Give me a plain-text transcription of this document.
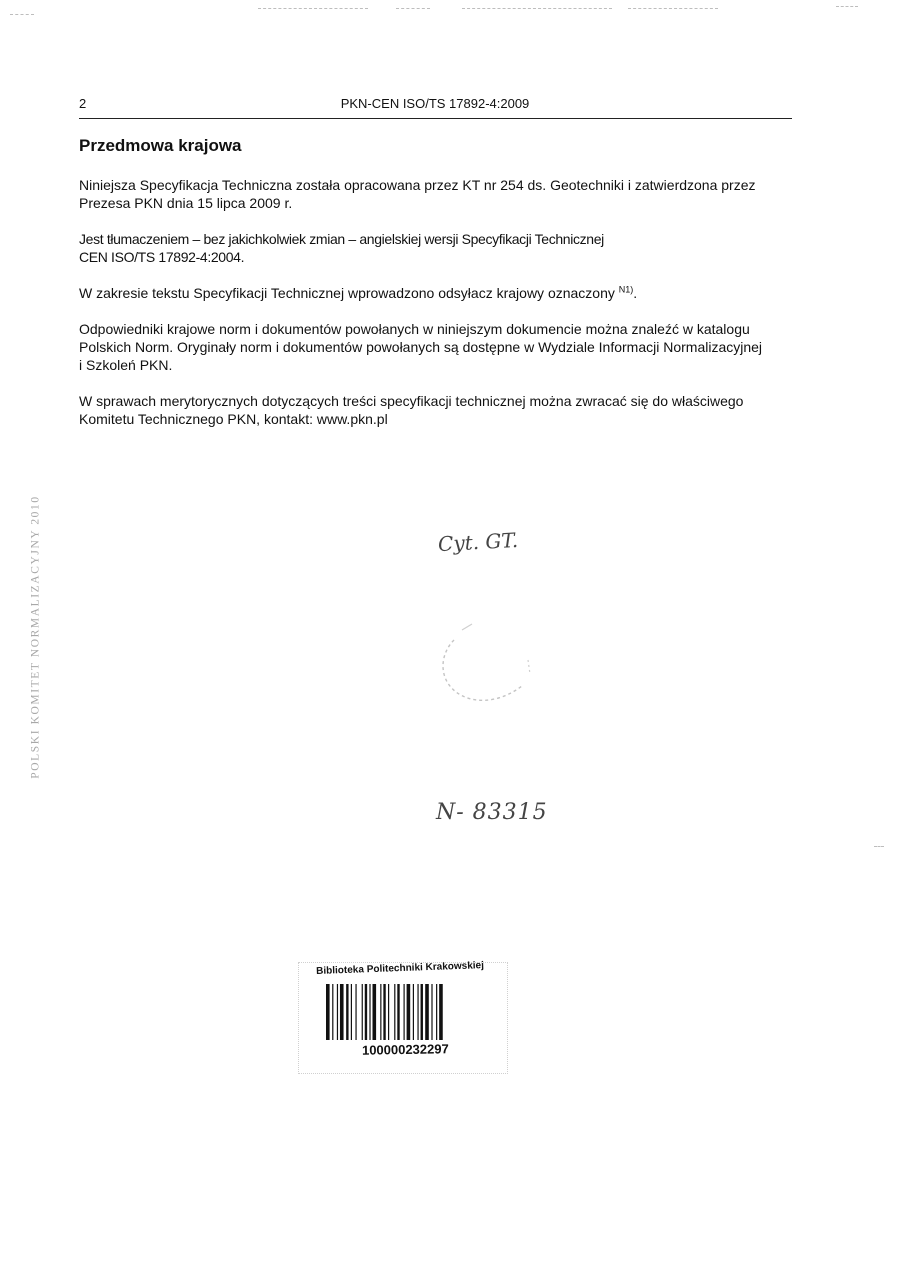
2	PKN-CEN ISO/TS 17892-4:2009
Przedmowa krajowa
Niniejsza Specyfikacja Techniczna została opracowana przez KT nr 254 ds. Geotechniki i zatwierdzona przez
Prezesa PKN dnia 15 lipca 2009 r.
Jest tłumaczeniem – bez jakichkolwiek zmian – angielskiej wersji Specyfikacji Technicznej
CEN ISO/TS 17892-4:2004.
W zakresie tekstu Specyfikacji Technicznej wprowadzono odsyłacz krajowy oznaczony $^{N1)}$.
Odpowiedniki krajowe norm i dokumentów powołanych w niniejszym dokumencie można znaleźć w katalogu
Polskich Norm. Oryginały norm i dokumentów powołanych są dostępne w Wydziale Informacji Normalizacyjnej
i Szkoleń PKN.
W sprawach merytorycznych dotyczących treści specyfikacji technicznej można zwracać się do właściwego
Komitetu Technicznego PKN, kontakt: www.pkn.pl
POLSKI KOMITET NORMALIZACYJNY 2010	Cyt. GT.
N- 83315
Biblioteka Politechniki Krakowskiej
100000232297
